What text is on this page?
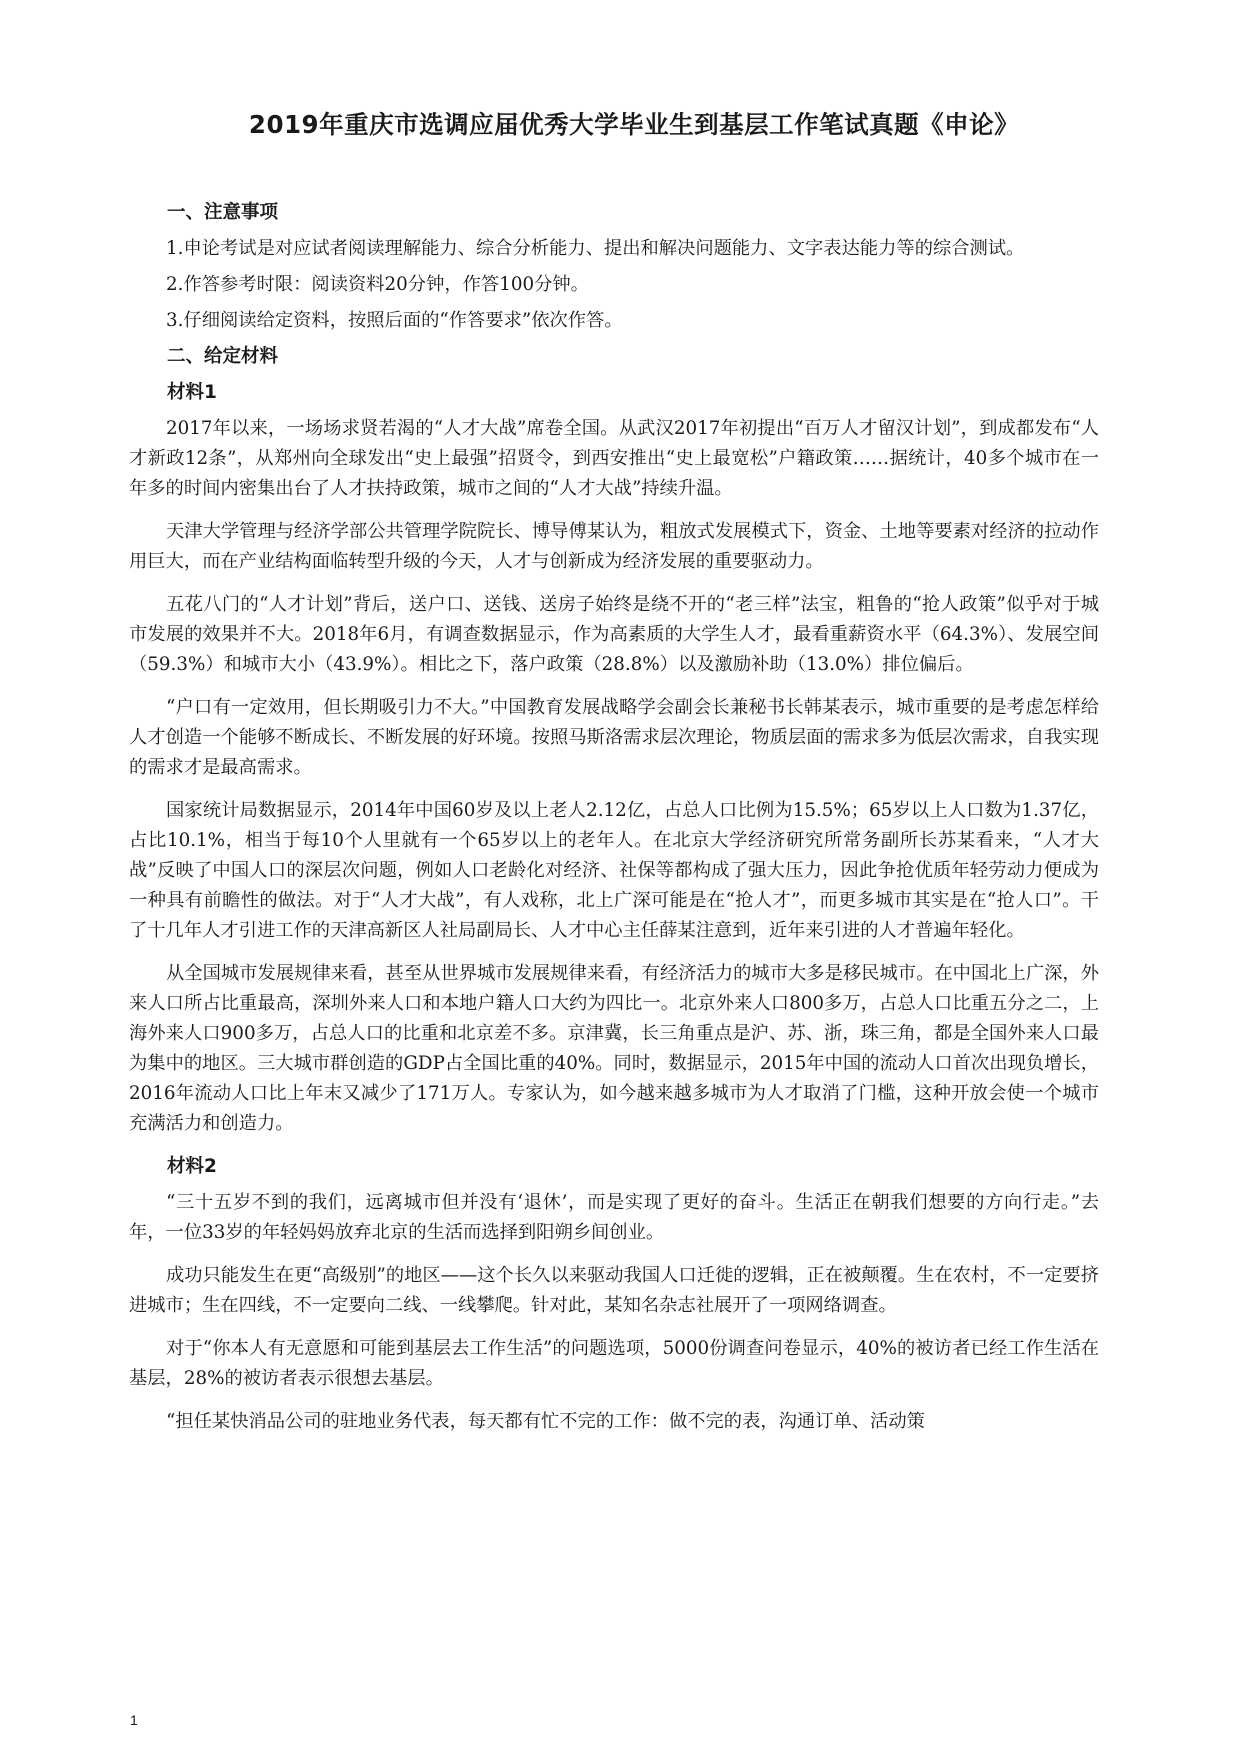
2019年重庆市选调应届优秀大学毕业生到基层工作笔试真题《申论》
一、注意事项

1.申论考试是对应试者阅读理解能力、综合分析能力、提出和解决问题能力、文字表达能力等的综合测试。

2.作答参考时限：阅读资料20分钟，作答100分钟。

3.仔细阅读给定资料，按照后面的“作答要求”依次作答。

二、给定材料
材料1

2017年以来，一场场求贤若渴的“人才大战”席卷全国。从武汉2017年初提出“百万人才留汉计划”，到成都发布“人才新政12条”，从郑州向全球发出“史上最强”招贤令，到西安推出“史上最宽松”户籍政策……据统计，40多个城市在一年多的时间内密集出台了人才扶持政策，城市之间的“人才大战”持续升温。

天津大学管理与经济学部公共管理学院院长、博导傅某认为，粗放式发展模式下，资金、土地等要素对经济的拉动作用巨大，而在产业结构面临转型升级的今天，人才与创新成为经济发展的重要驱动力。

五花八门的“人才计划”背后，送户口、送钱、送房子始终是绕不开的“老三样”法宝，粗鲁的“抢人政策”似乎对于城市发展的效果并不大。2018年6月，有调查数据显示，作为高素质的大学生人才，最看重薪资水平（64.3%）、发展空间（59.3%）和城市大小（43.9%）。相比之下，落户政策（28.8%）以及激励补助（13.0%）排位偏后。

“户口有一定效用，但长期吸引力不大。”中国教育发展战略学会副会长兼秘书长韩某表示，城市重要的是考虑怎样给人才创造一个能够不断成长、不断发展的好环境。按照马斯洛需求层次理论，物质层面的需求多为低层次需求，自我实现的需求才是最高需求。

国家统计局数据显示，2014年中国60岁及以上老人2.12亿，占总人口比例为15.5%；65岁以上人口数为1.37亿，占比10.1%，相当于每10个人里就有一个65岁以上的老年人。在北京大学经济研究所常务副所长苏某看来，“人才大战”反映了中国人口的深层次问题，例如人口老龄化对经济、社保等都构成了强大压力，因此争抢优质年轻劳动力便成为一种具有前瞻性的做法。对于“人才大战”，有人戏称，北上广深可能是在“抢人才”，而更多城市其实是在“抢人口”。干了十几年人才引进工作的天津高新区人社局副局长、人才中心主任薛某注意到，近年来引进的人才普遍年轻化。

从全国城市发展规律来看，甚至从世界城市发展规律来看，有经济活力的城市大多是移民城市。在中国北上广深，外来人口所占比重最高，深圳外来人口和本地户籍人口大约为四比一。北京外来人口800多万，占总人口比重五分之二，上海外来人口900多万，占总人口的比重和北京差不多。京津冀，长三角重点是沪、苏、浙，珠三角，都是全国外来人口最为集中的地区。三大城市群创造的GDP占全国比重的40%。同时，数据显示，2015年中国的流动人口首次出现负增长，2016年流动人口比上年末又减少了171万人。专家认为，如今越来越多城市为人才取消了门槛，这种开放会使一个城市充满活力和创造力。

材料2

“三十五岁不到的我们，远离城市但并没有‘退休’，而是实现了更好的奋斗。生活正在朝我们想要的方向行走。”去年，一位33岁的年轻妈妈放弃北京的生活而选择到阳朔乡间创业。

成功只能发生在更“高级别”的地区——这个长久以来驱动我国人口迁徙的逻辑，正在被颠覆。生在农村，不一定要挤进城市；生在四线，不一定要向二线、一线攀爬。针对此，某知名杂志社展开了一项网络调查。

对于“你本人有无意愿和可能到基层去工作生活”的问题选项，5000份调查问卷显示，40%的被访者已经工作生活在基层，28%的被访者表示很想去基层。

“担任某快消品公司的驻地业务代表，每天都有忙不完的工作：做不完的表，沟通订单、活动策

1
